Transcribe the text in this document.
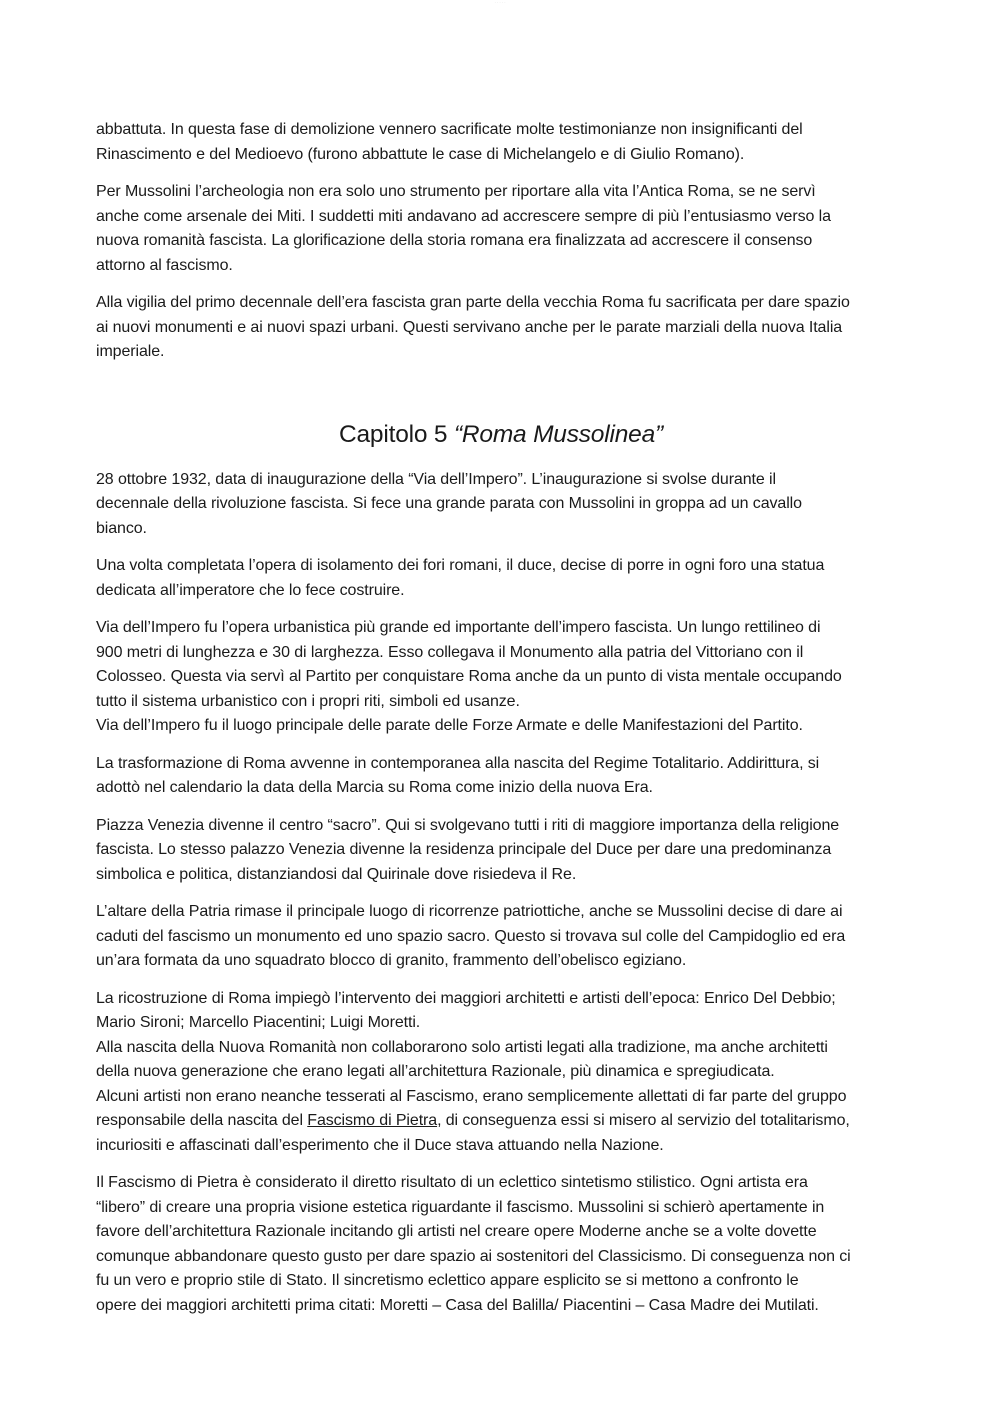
· · · · ·
abbattuta. In questa fase di demolizione vennero sacrificate molte testimonianze non insignificanti del
Rinascimento e del Medioevo (furono abbattute le case di Michelangelo e di Giulio Romano).
Per Mussolini l’archeologia non era solo uno strumento per riportare alla vita l’Antica Roma, se ne servì
anche come arsenale dei Miti. I suddetti miti andavano ad accrescere sempre di più l’entusiasmo verso la
nuova romanità fascista. La glorificazione della storia romana era finalizzata ad accrescere il consenso
attorno al fascismo.
Alla vigilia del primo decennale dell’era fascista gran parte della vecchia Roma fu sacrificata per dare spazio
ai nuovi monumenti e ai nuovi spazi urbani. Questi servivano anche per le parate marziali della nuova Italia
imperiale.
Capitolo 5 “Roma Mussolinea”
28 ottobre 1932, data di inaugurazione della “Via dell’Impero”. L’inaugurazione si svolse durante il
decennale della rivoluzione fascista. Si fece una grande parata con Mussolini in groppa ad un cavallo
bianco.
Una volta completata l’opera di isolamento dei fori romani, il duce, decise di porre in ogni foro una statua
dedicata all’imperatore che lo fece costruire.
Via dell’Impero fu l’opera urbanistica più grande ed importante dell’impero fascista. Un lungo rettilineo di
900 metri di lunghezza e 30 di larghezza. Esso collegava il Monumento alla patria del Vittoriano con il
Colosseo. Questa via servì al Partito per conquistare Roma anche da un punto di vista mentale occupando
tutto il sistema urbanistico con i propri riti, simboli ed usanze.
Via dell’Impero fu il luogo principale delle parate delle Forze Armate e delle Manifestazioni del Partito.
La trasformazione di Roma avvenne in contemporanea alla nascita del Regime Totalitario. Addirittura, si
adottò nel calendario la data della Marcia su Roma come inizio della nuova Era.
Piazza Venezia divenne il centro “sacro”. Qui si svolgevano tutti i riti di maggiore importanza della religione
fascista. Lo stesso palazzo Venezia divenne la residenza principale del Duce per dare una predominanza
simbolica e politica, distanziandosi dal Quirinale dove risiedeva il Re.
L’altare della Patria rimase il principale luogo di ricorrenze patriottiche, anche se Mussolini decise di dare ai
caduti del fascismo un monumento ed uno spazio sacro. Questo si trovava sul colle del Campidoglio ed era
un’ara formata da uno squadrato blocco di granito, frammento dell’obelisco egiziano.
La ricostruzione di Roma impiegò l’intervento dei maggiori architetti e artisti dell’epoca: Enrico Del Debbio;
Mario Sironi; Marcello Piacentini; Luigi Moretti.
Alla nascita della Nuova Romanità non collaborarono solo artisti legati alla tradizione, ma anche architetti
della nuova generazione che erano legati all’architettura Razionale, più dinamica e spregiudicata.
Alcuni artisti non erano neanche tesserati al Fascismo, erano semplicemente allettati di far parte del gruppo
responsabile della nascita del Fascismo di Pietra, di conseguenza essi si misero al servizio del totalitarismo,
incuriositi e affascinati dall’esperimento che il Duce stava attuando nella Nazione.
Il Fascismo di Pietra è considerato il diretto risultato di un eclettico sintetismo stilistico. Ogni artista era
“libero” di creare una propria visione estetica riguardante il fascismo. Mussolini si schierò apertamente in
favore dell’architettura Razionale incitando gli artisti nel creare opere Moderne anche se a volte dovette
comunque abbandonare questo gusto per dare spazio ai sostenitori del Classicismo. Di conseguenza non ci
fu un vero e proprio stile di Stato. Il sincretismo eclettico appare esplicito se si mettono a confronto le
opere dei maggiori architetti prima citati: Moretti – Casa del Balilla/ Piacentini – Casa Madre dei Mutilati.
